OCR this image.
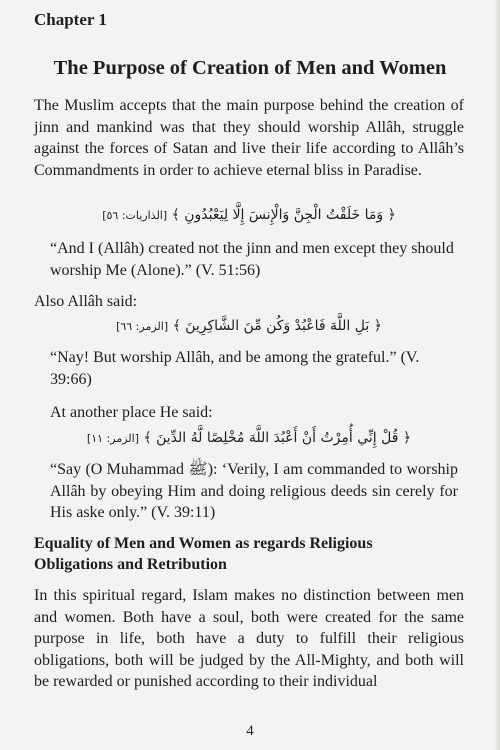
Chapter 1
The Purpose of Creation of Men and Women

The Muslim accepts that the main purpose behind the creation of jinn and mankind was that they should worship Allâh, struggle against the forces of Satan and live their life according to Allâh’s Commandments in order to achieve eternal bliss in Paradise.

﴿ وَمَا خَلَقْتُ الْجِنَّ وَالْإِنسَ إِلَّا لِيَعْبُدُونِ ﴾ [الذاريات: ٥٦]

“And I (Allâh) created not the jinn and men except they should worship Me (Alone).” (V. 51:56)

Also Allâh said:

﴿ بَلِ اللَّهَ فَاعْبُدْ وَكُن مِّنَ الشَّاكِرِينَ ﴾ [الزمر: ٦٦]

“Nay! But worship Allâh, and be among the grateful.” (V. 39:66)

At another place He said:

﴿ قُلْ إِنِّي أُمِرْتُ أَنْ أَعْبُدَ اللَّهَ مُخْلِصًا لَّهُ الدِّينَ ﴾ [الزمر: ١١]

“Say (O Muhammad ﷺ): ‘Verily, I am commanded to worship Allâh by obeying Him and doing religious deeds sin cerely for His aske only.” (V. 39:11)

Equality of Men and Women as regards Religious Obligations and Retribution

In this spiritual regard, Islam makes no distinction between men and women. Both have a soul, both were created for the same purpose in life, both have a duty to fulfill their religious obligations, both will be judged by the All-Mighty, and both will be rewarded or punished according to their individual

4
